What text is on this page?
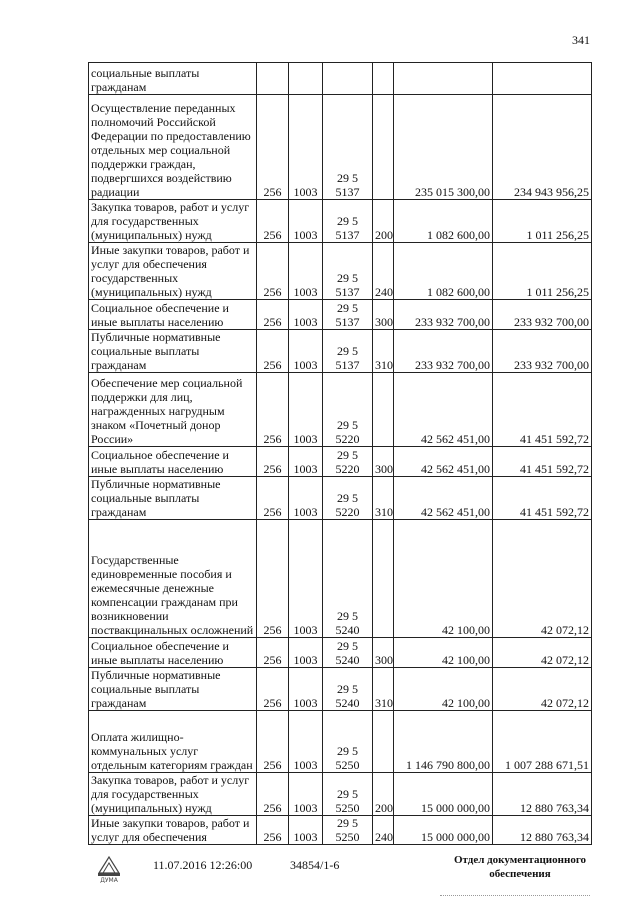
341
социальные выплаты гражданам						
Осуществление переданных полномочий Российской Федерации по предоставлению отдельных мер социальной поддержки граждан, подвергшихся воздействию радиации	256	1003	29 5 5137		235 015 300,00	234 943 956,25
Закупка товаров, работ и услуг для государственных (муниципальных) нужд	256	1003	29 5 5137	200	1 082 600,00	1 011 256,25
Иные закупки товаров, работ и услуг для обеспечения государственных (муниципальных) нужд	256	1003	29 5 5137	240	1 082 600,00	1 011 256,25
Социальное обеспечение и иные выплаты населению	256	1003	29 5 5137	300	233 932 700,00	233 932 700,00
Публичные нормативные социальные выплаты гражданам	256	1003	29 5 5137	310	233 932 700,00	233 932 700,00
Обеспечение мер социальной поддержки для лиц, награжденных нагрудным знаком «Почетный донор России»	256	1003	29 5 5220		42 562 451,00	41 451 592,72
Социальное обеспечение и иные выплаты населению	256	1003	29 5 5220	300	42 562 451,00	41 451 592,72
Публичные нормативные социальные выплаты гражданам	256	1003	29 5 5220	310	42 562 451,00	41 451 592,72
Государственные единовременные пособия и ежемесячные денежные компенсации гражданам при возникновении поствакцинальных осложнений	256	1003	29 5 5240		42 100,00	42 072,12
Социальное обеспечение и иные выплаты населению	256	1003	29 5 5240	300	42 100,00	42 072,12
Публичные нормативные социальные выплаты гражданам	256	1003	29 5 5240	310	42 100,00	42 072,12
Оплата жилищно-коммунальных услуг отдельным категориям граждан	256	1003	29 5 5250		1 146 790 800,00	1 007 288 671,51
Закупка товаров, работ и услуг для государственных (муниципальных) нужд	256	1003	29 5 5250	200	15 000 000,00	12 880 763,34
Иные закупки товаров, работ и услуг для обеспечения	256	1003	29 5 5250	240	15 000 000,00	12 880 763,34
ДУМА
11.07.2016 12:26:00	34854/1-6	Отдел документационного
обеспечения
